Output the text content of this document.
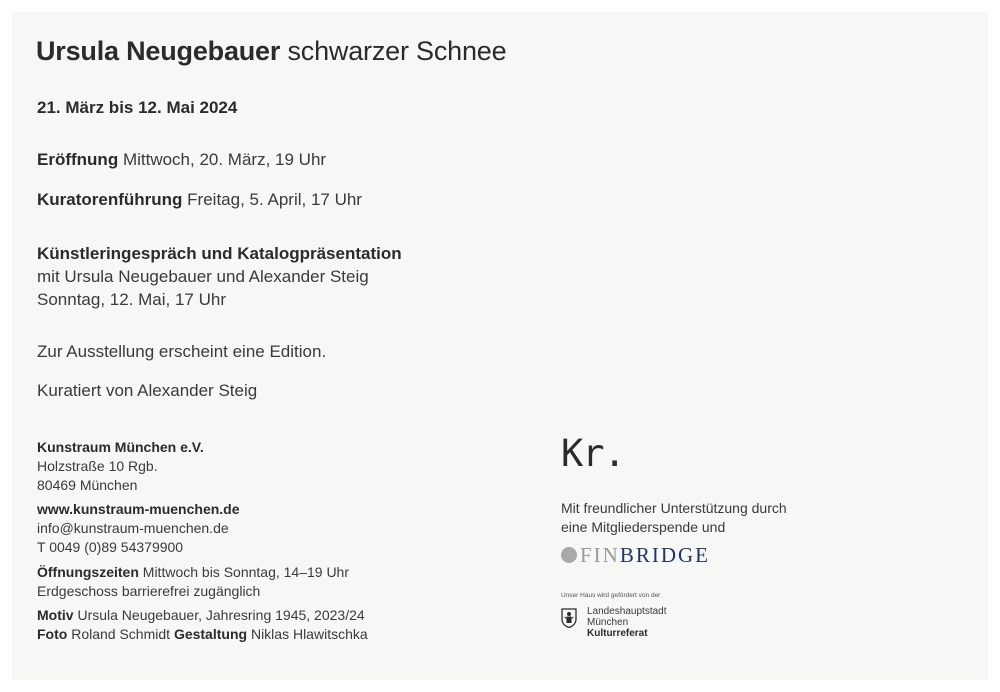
Ursula Neugebauer schwarzer Schnee
21. März bis 12. Mai 2024
Eröffnung Mittwoch, 20. März, 19 Uhr
Kuratorenführung Freitag, 5. April, 17 Uhr
Künstleringespräch und Katalogpräsentation
mit Ursula Neugebauer und Alexander Steig
Sonntag, 12. Mai, 17 Uhr
Zur Ausstellung erscheint eine Edition.
Kuratiert von Alexander Steig
Kunstraum München e.V.
Holzstraße 10 Rgb.
80469 München
www.kunstraum-muenchen.de
info@kunstraum-muenchen.de
T 0049 (0)89 54379900
Öffnungszeiten Mittwoch bis Sonntag, 14–19 Uhr
Erdgeschoss barrierefrei zugänglich
Motiv Ursula Neugebauer, Jahresring 1945, 2023/24
Foto Roland Schmidt Gestaltung Niklas Hlawitschka
Kr.
Mit freundlicher Unterstützung durch
eine Mitgliederspende und
FIN BRIDGE
Unser Haus wird gefördert von der
Landeshauptstadt
München
Kulturreferat
